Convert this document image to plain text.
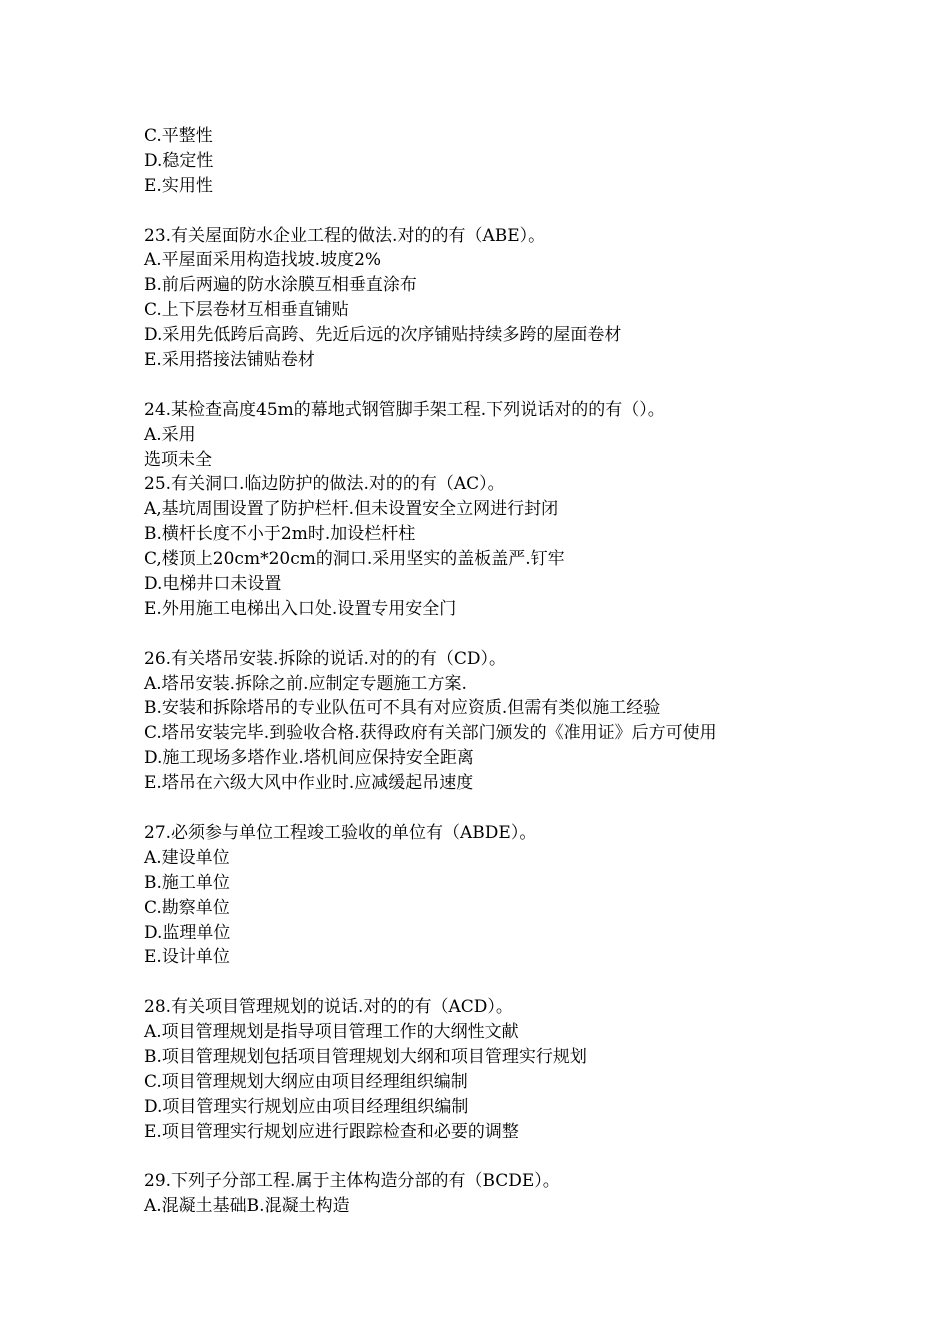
C.平整性
D.稳定性
E.实用性
23.有关屋面防水企业工程的做法.对的的有（ABE）。
A.平屋面采用构造找坡.坡度2%
B.前后两遍的防水涂膜互相垂直涂布
C.上下层卷材互相垂直铺贴
D.采用先低跨后高跨、先近后远的次序铺贴持续多跨的屋面卷材
E.采用搭接法铺贴卷材
24.某检查高度45m的幕地式钢管脚手架工程.下列说话对的的有（）。
A.采用
选项未全
25.有关洞口.临边防护的做法.对的的有（AC）。
A,基坑周围设置了防护栏杆.但未设置安全立网进行封闭
B.横杆长度不小于2m时.加设栏杆柱
C,楼顶上20cm*20cm的洞口.采用坚实的盖板盖严.钉牢
D.电梯井口未设置
E.外用施工电梯出入口处.设置专用安全门
26.有关塔吊安装.拆除的说话.对的的有（CD）。
A.塔吊安装.拆除之前.应制定专题施工方案.
B.安装和拆除塔吊的专业队伍可不具有对应资质.但需有类似施工经验
C.塔吊安装完毕.到验收合格.获得政府有关部门颁发的《准用证》后方可使用
D.施工现场多塔作业.塔机间应保持安全距离
E.塔吊在六级大风中作业时.应减缓起吊速度
27.必须参与单位工程竣工验收的单位有（ABDE）。
A.建设单位
B.施工单位
C.勘察单位
D.监理单位
E.设计单位
28.有关项目管理规划的说话.对的的有（ACD）。
A.项目管理规划是指导项目管理工作的大纲性文献
B.项目管理规划包括项目管理规划大纲和项目管理实行规划
C.项目管理规划大纲应由项目经理组织编制
D.项目管理实行规划应由项目经理组织编制
E.项目管理实行规划应进行跟踪检查和必要的调整
29.下列子分部工程.属于主体构造分部的有（BCDE）。
A.混凝土基础B.混凝土构造
